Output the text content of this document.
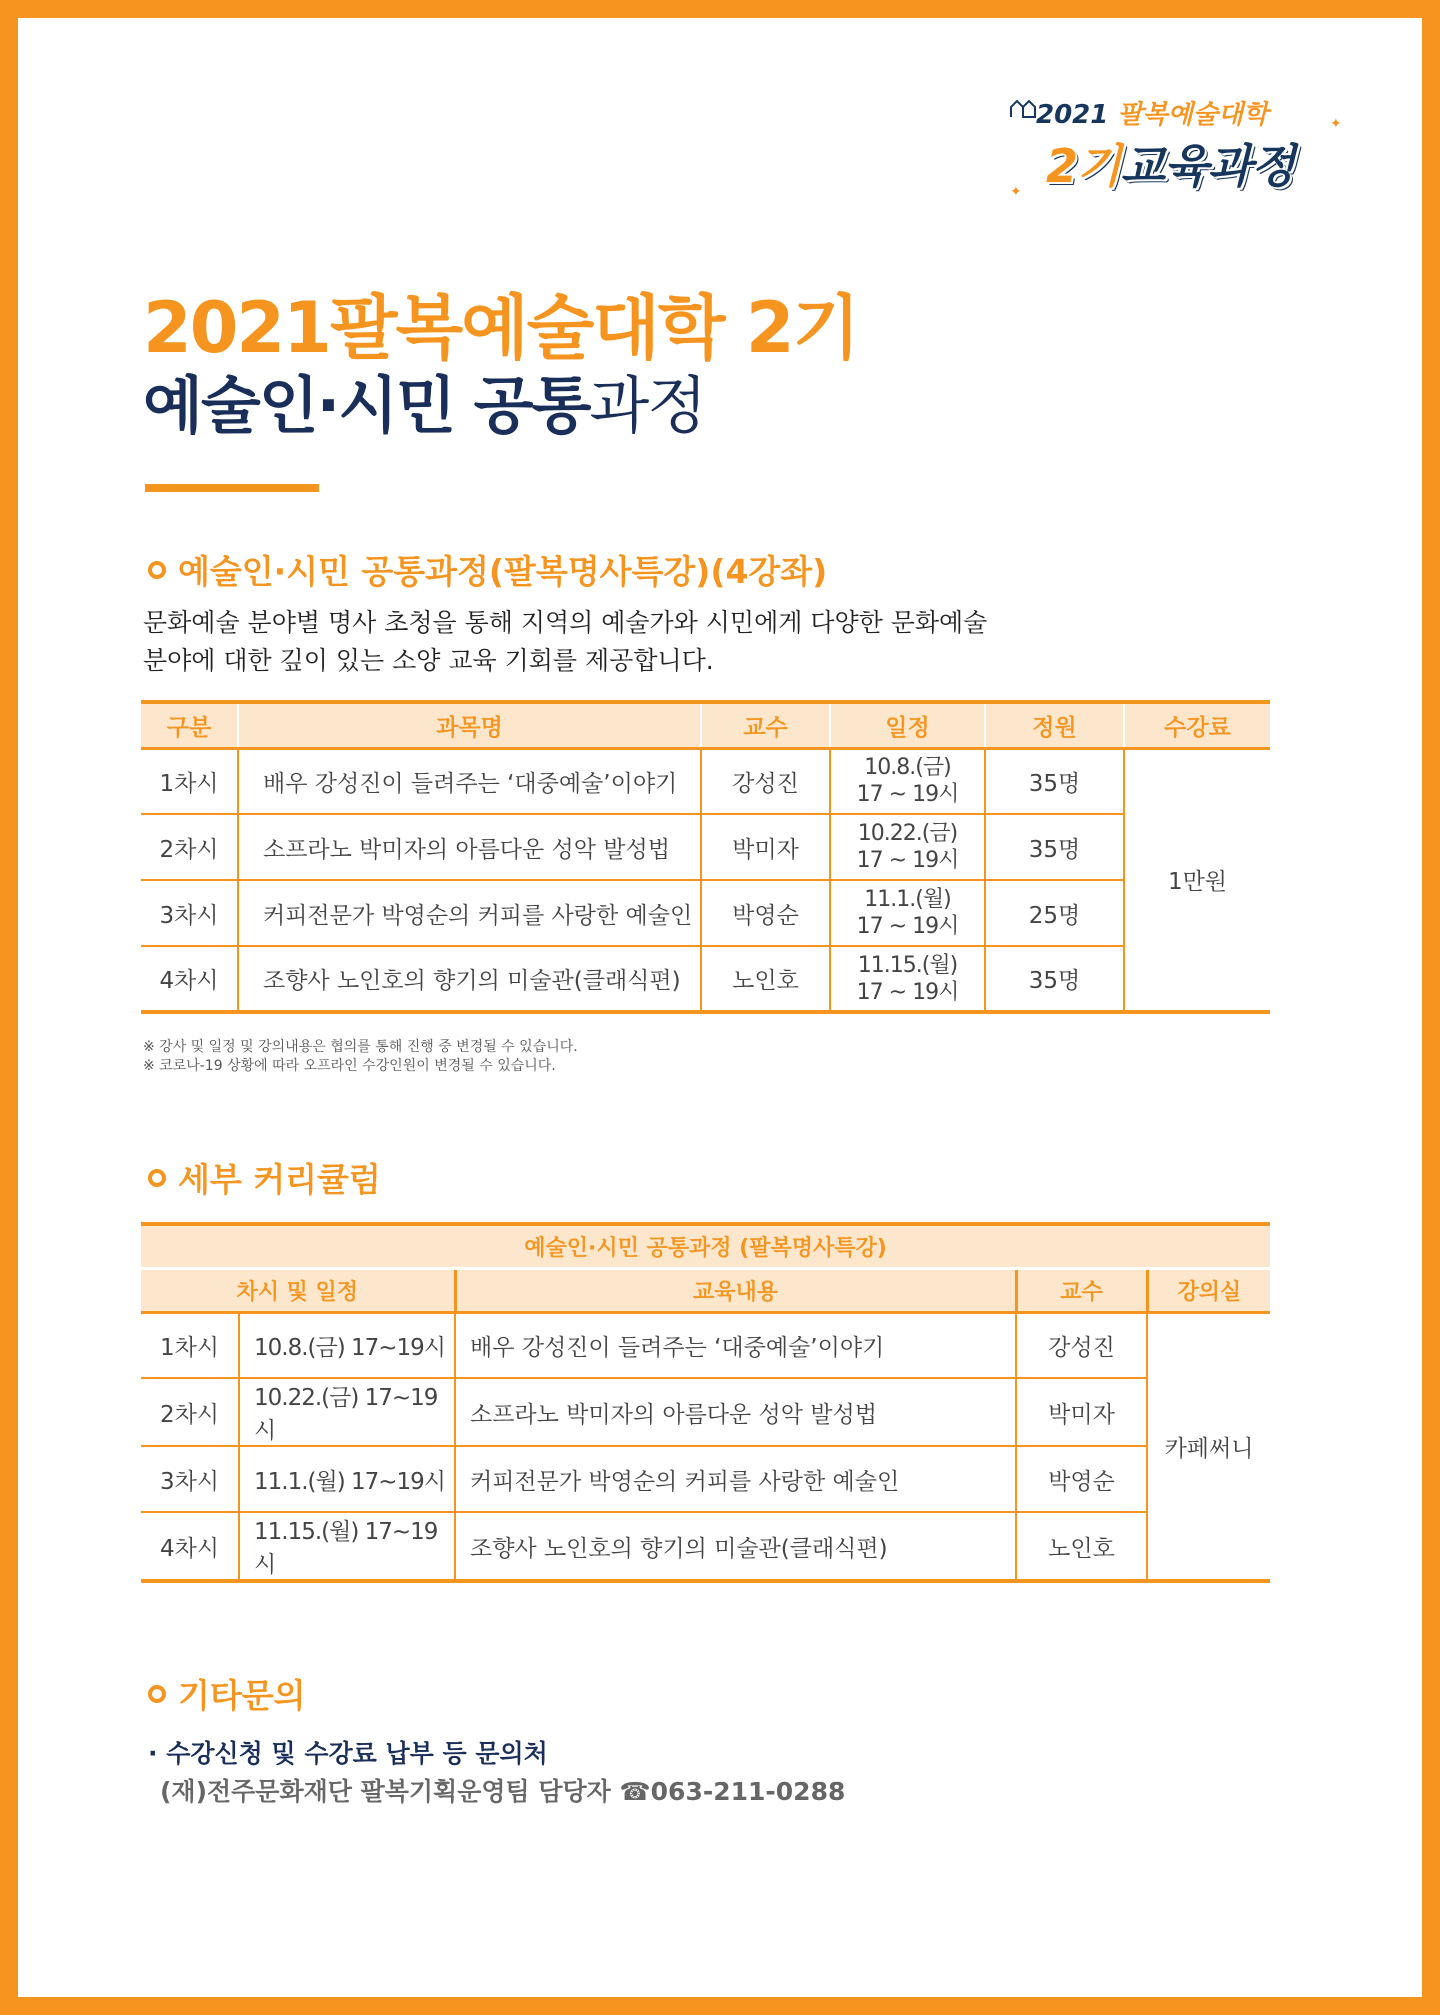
2021 팔복예술대학
2기교육과정
✦
✦
2021팔복예술대학 2기
예술인·시민 공통과정
예술인·시민 공통과정(팔복명사특강)(4강좌)
문화예술 분야별 명사 초청을 통해 지역의 예술가와 시민에게 다양한 문화예술
분야에 대한 깊이 있는 소양 교육 기회를 제공합니다.
구분	과목명	교수	일정	정원	수강료
1차시	배우 강성진이 들려주는 ‘대중예술’이야기	강성진	10.8.(금)
17 ~ 19시	35명	1만원
2차시	소프라노 박미자의 아름다운 성악 발성법	박미자	10.22.(금)
17 ~ 19시	35명	
3차시	커피전문가 박영순의 커피를 사랑한 예술인	박영순	11.1.(월)
17 ~ 19시	25명	
4차시	조향사 노인호의 향기의 미술관(클래식편)	노인호	11.15.(월)
17 ~ 19시	35명	
※ 강사 및 일정 및 강의내용은 협의를 통해 진행 중 변경될 수 있습니다.
※ 코로나-19 상황에 따라 오프라인 수강인원이 변경될 수 있습니다.
세부 커리큘럼
예술인·시민 공통과정 (팔복명사특강)				
차시 및 일정		교육내용	교수	강의실
1차시	10.8.(금) 17~19시	배우 강성진이 들려주는 ‘대중예술’이야기	강성진	카페써니
2차시	10.22.(금) 17~19시	소프라노 박미자의 아름다운 성악 발성법	박미자	
3차시	11.1.(월) 17~19시	커피전문가 박영순의 커피를 사랑한 예술인	박영순	
4차시	11.15.(월) 17~19시	조향사 노인호의 향기의 미술관(클래식편)	노인호	
기타문의
· 수강신청 및 수강료 납부 등 문의처
(재)전주문화재단 팔복기획운영팀 담당자 ☎063-211-0288
